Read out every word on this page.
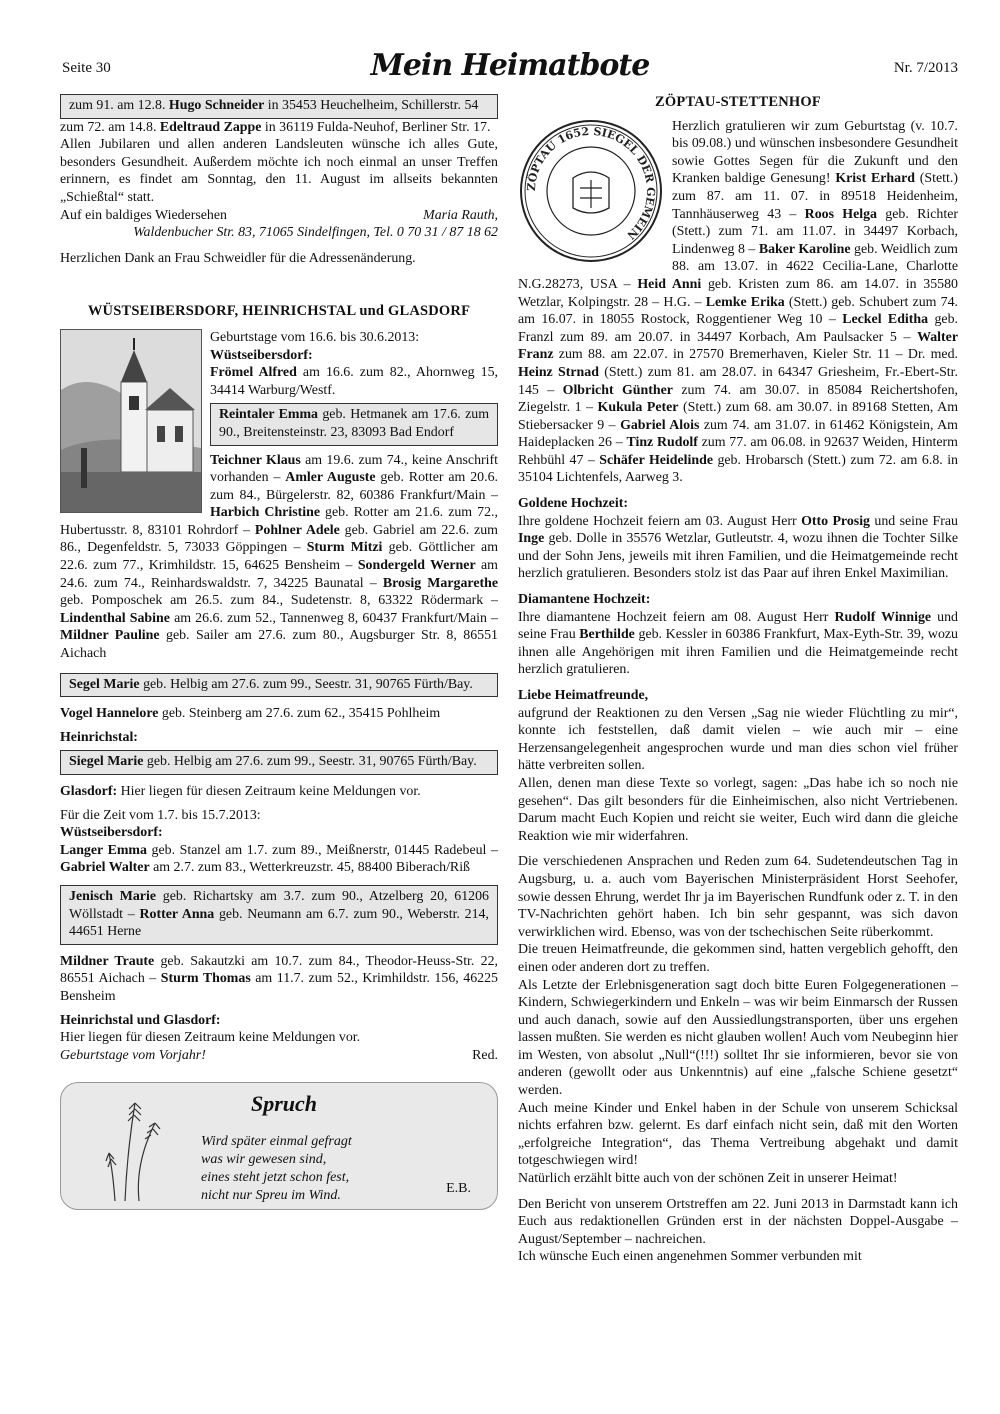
Seite 30	Mein Heimatbote	Nr. 7/2013
zum 91. am 12.8. Hugo Schneider in 35453 Heuchelheim, Schillerstr. 54

zum 72. am 14.8. Edeltraud Zappe in 36119 Fulda-Neuhof, Berliner Str. 17.

Allen Jubilaren und allen anderen Landsleuten wünsche ich alles Gute, besonders Gesundheit. Außerdem möchte ich noch einmal an unser Treffen erinnern, es findet am Sonntag, den 11. August im allseits bekannten „Schießtal“ statt.

Auf ein baldiges Wiedersehen	Maria Rauth,

Waldenbucher Str. 83, 71065 Sindelfingen, Tel. 0 70 31 / 87 18 62

Herzlichen Dank an Frau Schweidler für die Adressenänderung.

WÜSTSEIBERSDORF, HEINRICHSTAL und GLASDORF

Geburtstage vom 16.6. bis 30.6.2013:

Wüstseibersdorf:

Frömel Alfred am 16.6. zum 82., Ahornweg 15, 34414 Warburg/Westf.

Reintaler Emma geb. Hetmanek am 17.6. zum 90., Breitensteinstr. 23, 83093 Bad Endorf

Teichner Klaus am 19.6. zum 74., keine Anschrift vorhanden – Amler Auguste geb. Rotter am 20.6. zum 84., Bürgelerstr. 82, 60386 Frankfurt/Main – Harbich Christine geb. Rotter am 21.6. zum 72., Hubertusstr. 8, 83101 Rohrdorf – Pohlner Adele geb. Gabriel am 22.6. zum 86., Degenfeldstr. 5, 73033 Göppingen – Sturm Mitzi geb. Göttlicher am 22.6. zum 77., Krimhildstr. 15, 64625 Bensheim – Sondergeld Werner am 24.6. zum 74., Reinhardswaldstr. 7, 34225 Baunatal – Brosig Margarethe geb. Pomposchek am 26.5. zum 84., Sudetenstr. 8, 63322 Rödermark – Lindenthal Sabine am 26.6. zum 52., Tannenweg 8, 60437 Frankfurt/Main – Mildner Pauline geb. Sailer am 27.6. zum 80., Augsburger Str. 8, 86551 Aichach

Segel Marie geb. Helbig am 27.6. zum 99., Seestr. 31, 90765 Fürth/Bay.

Vogel Hannelore geb. Steinberg am 27.6. zum 62., 35415 Pohlheim

Heinrichstal:

Siegel Marie geb. Helbig am 27.6. zum 99., Seestr. 31, 90765 Fürth/Bay.

Glasdorf: Hier liegen für diesen Zeitraum keine Meldungen vor.

Für die Zeit vom 1.7. bis 15.7.2013:

Wüstseibersdorf:

Langer Emma geb. Stanzel am 1.7. zum 89., Meißnerstr, 01445 Radebeul – Gabriel Walter am 2.7. zum 83., Wetterkreuzstr. 45, 88400 Biberach/Riß

Jenisch Marie geb. Richartsky am 3.7. zum 90., Atzelberg 20, 61206 Wöllstadt – Rotter Anna geb. Neumann am 6.7. zum 90., Weberstr. 214, 44651 Herne

Mildner Traute geb. Sakautzki am 10.7. zum 84., Theodor-Heuss-Str. 22, 86551 Aichach – Sturm Thomas am 11.7. zum 52., Krimhildstr. 156, 46225 Bensheim

Heinrichstal und Glasdorf:

Hier liegen für diesen Zeitraum keine Meldungen vor.

Geburtstage vom Vorjahr!	Red.
Spruch
Wird später einmal gefragt
was wir gewesen sind,
eines steht jetzt schon fest,
nicht nur Spreu im Wind.
E.B.

ZÖPTAU-STETTENHOF

ZÖPTAU 1652 SIEGEL DER GEMEIN

Herzlich gratulieren wir zum Geburtstag (v. 10.7. bis 09.08.) und wünschen insbesondere Gesundheit sowie Gottes Segen für die Zukunft und den Kranken baldige Genesung! Krist Erhard (Stett.) zum 87. am 11. 07. in 89518 Heidenheim, Tannhäuserweg 43 – Roos Helga geb. Richter (Stett.) zum 71. am 11.07. in 34497 Korbach, Lindenweg 8 – Baker Karoline geb. Weidlich zum 88. am 13.07. in 4622 Cecilia-Lane, Charlotte N.G.28273, USA – Heid Anni geb. Kristen zum 86. am 14.07. in 35580 Wetzlar, Kolpingstr. 28 – H.G. – Lemke Erika (Stett.) geb. Schubert zum 74. am 16.07. in 18055 Rostock, Roggentiener Weg 10 – Leckel Editha geb. Franzl zum 89. am 20.07. in 34497 Korbach, Am Paulsacker 5 – Walter Franz zum 88. am 22.07. in 27570 Bremerhaven, Kieler Str. 11 – Dr. med. Heinz Strnad (Stett.) zum 81. am 28.07. in 64347 Griesheim, Fr.-Ebert-Str. 145 – Olbricht Günther zum 74. am 30.07. in 85084 Reichertshofen, Ziegelstr. 1 – Kukula Peter (Stett.) zum 68. am 30.07. in 89168 Stetten, Am Stiebersacker 9 – Gabriel Alois zum 74. am 31.07. in 61462 Königstein, Am Haideplacken 26 – Tinz Rudolf zum 77. am 06.08. in 92637 Weiden, Hinterm Rehbühl 47 – Schäfer Heidelinde geb. Hrobarsch (Stett.) zum 72. am 6.8. in 35104 Lichtenfels, Aarweg 3.

Goldene Hochzeit:

Ihre goldene Hochzeit feiern am 03. August Herr Otto Prosig und seine Frau Inge geb. Dolle in 35576 Wetzlar, Gutleutstr. 4, wozu ihnen die Tochter Silke und der Sohn Jens, jeweils mit ihren Familien, und die Heimatgemeinde recht herzlich gratulieren. Besonders stolz ist das Paar auf ihren Enkel Maximilian.

Diamantene Hochzeit:

Ihre diamantene Hochzeit feiern am 08. August Herr Rudolf Winnige und seine Frau Berthilde geb. Kessler in 60386 Frankfurt, Max-Eyth-Str. 39, wozu ihnen alle Angehörigen mit ihren Familien und die Heimatgemeinde recht herzlich gratulieren.

Liebe Heimatfreunde,

aufgrund der Reaktionen zu den Versen „Sag nie wieder Flüchtling zu mir“, konnte ich feststellen, daß damit vielen – wie auch mir – eine Herzensangelegenheit angesprochen wurde und man dies schon viel früher hätte verbreiten sollen.

Allen, denen man diese Texte so vorlegt, sagen: „Das habe ich so noch nie gesehen“. Das gilt besonders für die Einheimischen, also nicht Vertriebenen. Darum macht Euch Kopien und reicht sie weiter, Euch wird dann die gleiche Reaktion wie mir widerfahren.

Die verschiedenen Ansprachen und Reden zum 64. Sudetendeutschen Tag in Augsburg, u. a. auch vom Bayerischen Ministerpräsident Horst Seehofer, sowie dessen Ehrung, werdet Ihr ja im Bayerischen Rundfunk oder z. T. in den TV-Nachrichten gehört haben. Ich bin sehr gespannt, was sich davon verwirklichen wird. Ebenso, was von der tschechischen Seite rüberkommt.

Die treuen Heimatfreunde, die gekommen sind, hatten vergeblich gehofft, den einen oder anderen dort zu treffen.

Als Letzte der Erlebnisgeneration sagt doch bitte Euren Folgegenerationen – Kindern, Schwiegerkindern und Enkeln – was wir beim Einmarsch der Russen und auch danach, sowie auf den Aussiedlungstransporten, über uns ergehen lassen mußten. Sie werden es nicht glauben wollen! Auch vom Neubeginn hier im Westen, von absolut „Null“(!!!) solltet Ihr sie informieren, bevor sie von anderen (gewollt oder aus Unkenntnis) auf eine „falsche Schiene gesetzt“ werden.

Auch meine Kinder und Enkel haben in der Schule von unserem Schicksal nichts erfahren bzw. gelernt. Es darf einfach nicht sein, daß mit den Worten „erfolgreiche Integration“, das Thema Vertreibung abgehakt und damit totgeschwiegen wird!

Natürlich erzählt bitte auch von der schönen Zeit in unserer Heimat!

Den Bericht von unserem Ortstreffen am 22. Juni 2013 in Darmstadt kann ich Euch aus redaktionellen Gründen erst in der nächsten Doppel-Ausgabe – August/September – nachreichen.

Ich wünsche Euch einen angenehmen Sommer verbunden mit
